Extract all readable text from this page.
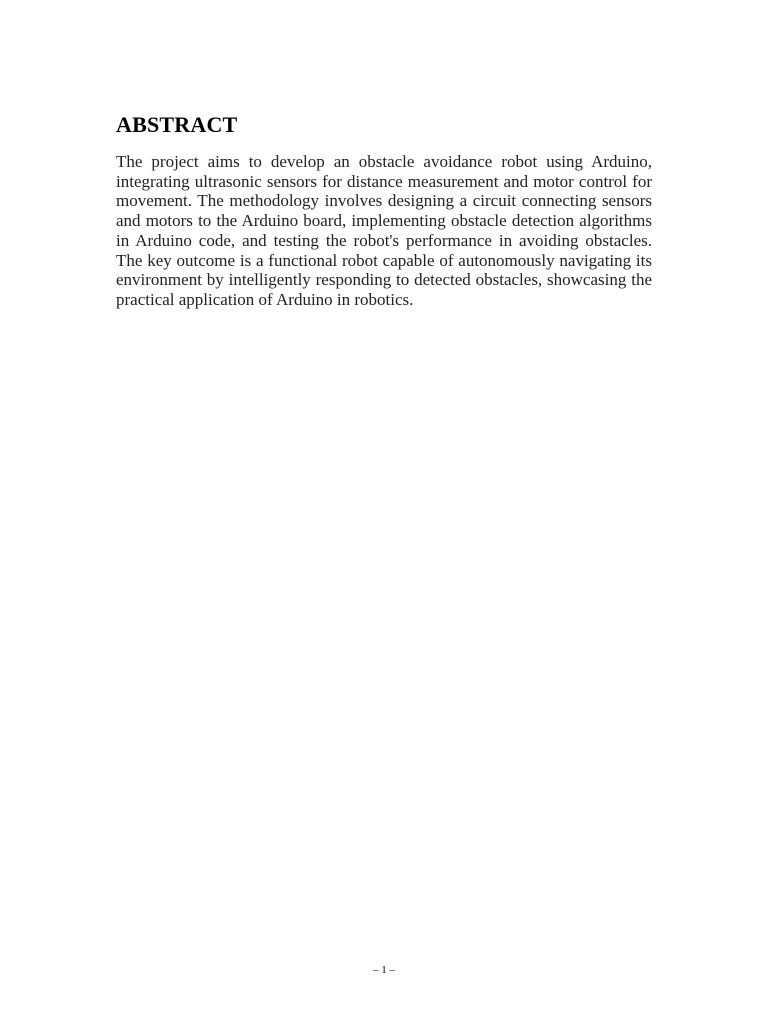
ABSTRACT

The project aims to develop an obstacle avoidance robot using Arduino, integrating ultrasonic sensors for distance measurement and motor control for movement. The methodology involves designing a circuit connecting sensors and motors to the Arduino board, implementing obstacle detection algorithms in Arduino code, and testing the robot's performance in avoiding obstacles. The key outcome is a functional robot capable of autonomously navigating its environment by intelligently responding to detected obstacles, showcasing the practical application of Arduino in robotics.

– 1 –
